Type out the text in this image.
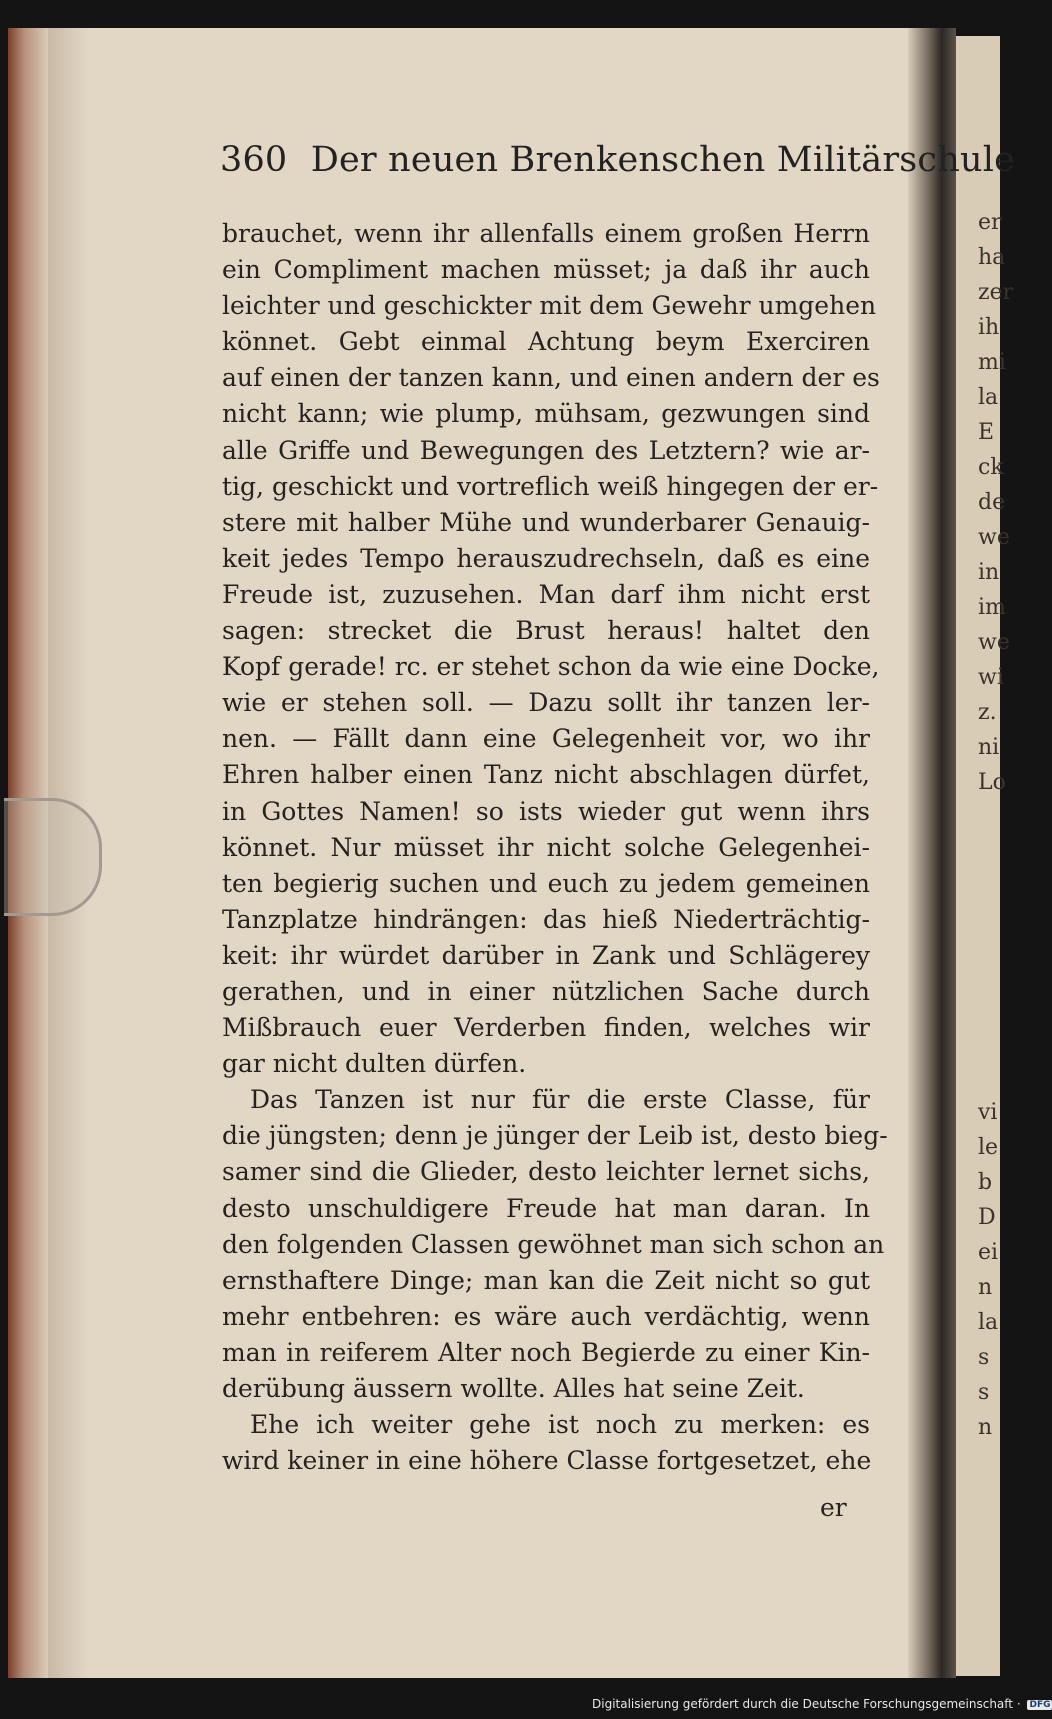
er
ha
zer
ih
mi
la
E
ck
de
we
in
im
we
wi
z.
ni
Lo
vi
le
b
D
ei
n
la
s
s
n
360 Der neuen Brenkenschen Militärschule
brauchet, wenn ihr allenfalls einem großen Herrn
ein Compliment machen müsset; ja daß ihr auch
leichter und geschickter mit dem Gewehr umgehen
könnet. Gebt einmal Achtung beym Exerciren
auf einen der tanzen kann, und einen andern der es
nicht kann; wie plump, mühsam, gezwungen sind
alle Griffe und Bewegungen des Letztern? wie ar-
tig, geschickt und vortreflich weiß hingegen der er-
stere mit halber Mühe und wunderbarer Genauig-
keit jedes Tempo herauszudrechseln, daß es eine
Freude ist, zuzusehen. Man darf ihm nicht erst
sagen: strecket die Brust heraus! haltet den
Kopf gerade! rc. er stehet schon da wie eine Docke,
wie er stehen soll. — Dazu sollt ihr tanzen ler-
nen. — Fällt dann eine Gelegenheit vor, wo ihr
Ehren halber einen Tanz nicht abschlagen dürfet,
in Gottes Namen! so ists wieder gut wenn ihrs
könnet. Nur müsset ihr nicht solche Gelegenhei-
ten begierig suchen und euch zu jedem gemeinen
Tanzplatze hindrängen: das hieß Niederträchtig-
keit: ihr würdet darüber in Zank und Schlägerey
gerathen, und in einer nützlichen Sache durch
Mißbrauch euer Verderben finden, welches wir
gar nicht dulten dürfen.
Das Tanzen ist nur für die erste Classe, für
die jüngsten; denn je jünger der Leib ist, desto bieg-
samer sind die Glieder, desto leichter lernet sichs,
desto unschuldigere Freude hat man daran. In
den folgenden Classen gewöhnet man sich schon an
ernsthaftere Dinge; man kan die Zeit nicht so gut
mehr entbehren: es wäre auch verdächtig, wenn
man in reiferem Alter noch Begierde zu einer Kin-
derübung äussern wollte. Alles hat seine Zeit.
Ehe ich weiter gehe ist noch zu merken: es
wird keiner in eine höhere Classe fortgesetzet, ehe
er
Digitalisierung gefördert durch die Deutsche Forschungsgemeinschaft · DFG
